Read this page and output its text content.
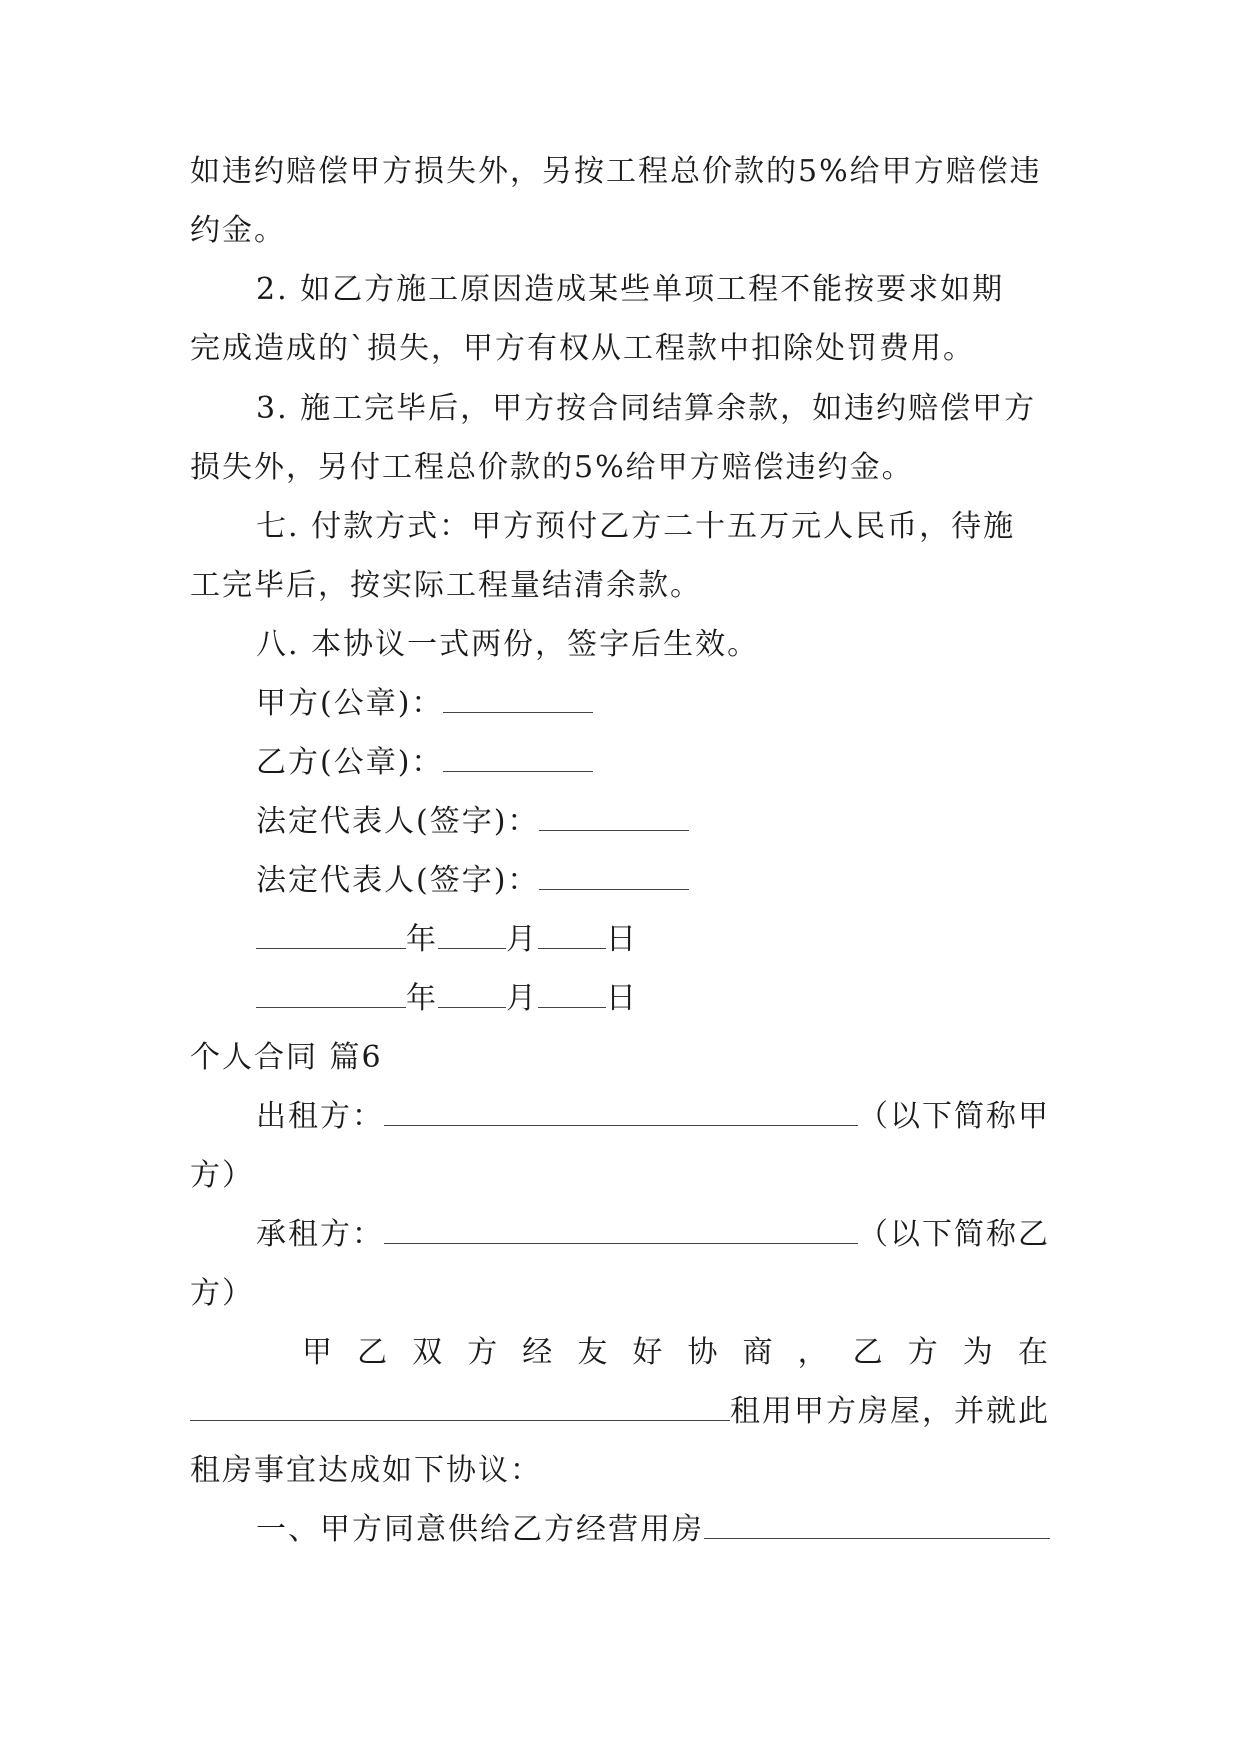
如违约赔偿甲方损失外，另按工程总价款的5%给甲方赔偿违
约金。
2. 如乙方施工原因造成某些单项工程不能按要求如期
完成造成的`损失，甲方有权从工程款中扣除处罚费用。
3. 施工完毕后，甲方按合同结算余款，如违约赔偿甲方
损失外，另付工程总价款的5%给甲方赔偿违约金。
七. 付款方式：甲方预付乙方二十五万元人民币，待施
工完毕后，按实际工程量结清余款。
八. 本协议一式两份，签字后生效。
甲方(公章)：
乙方(公章)：
法定代表人(签字)：
法定代表人(签字)：
年 月 日
年 月 日
个人合同 篇6
出租方：	（以下简称甲
方）
承租方：	（以下简称乙
方）
甲 乙 双 方 经 友 好 协 商 ， 乙 方 为 在
租用甲方房屋，并就此
租房事宜达成如下协议：
一、甲方同意供给乙方经营用房
